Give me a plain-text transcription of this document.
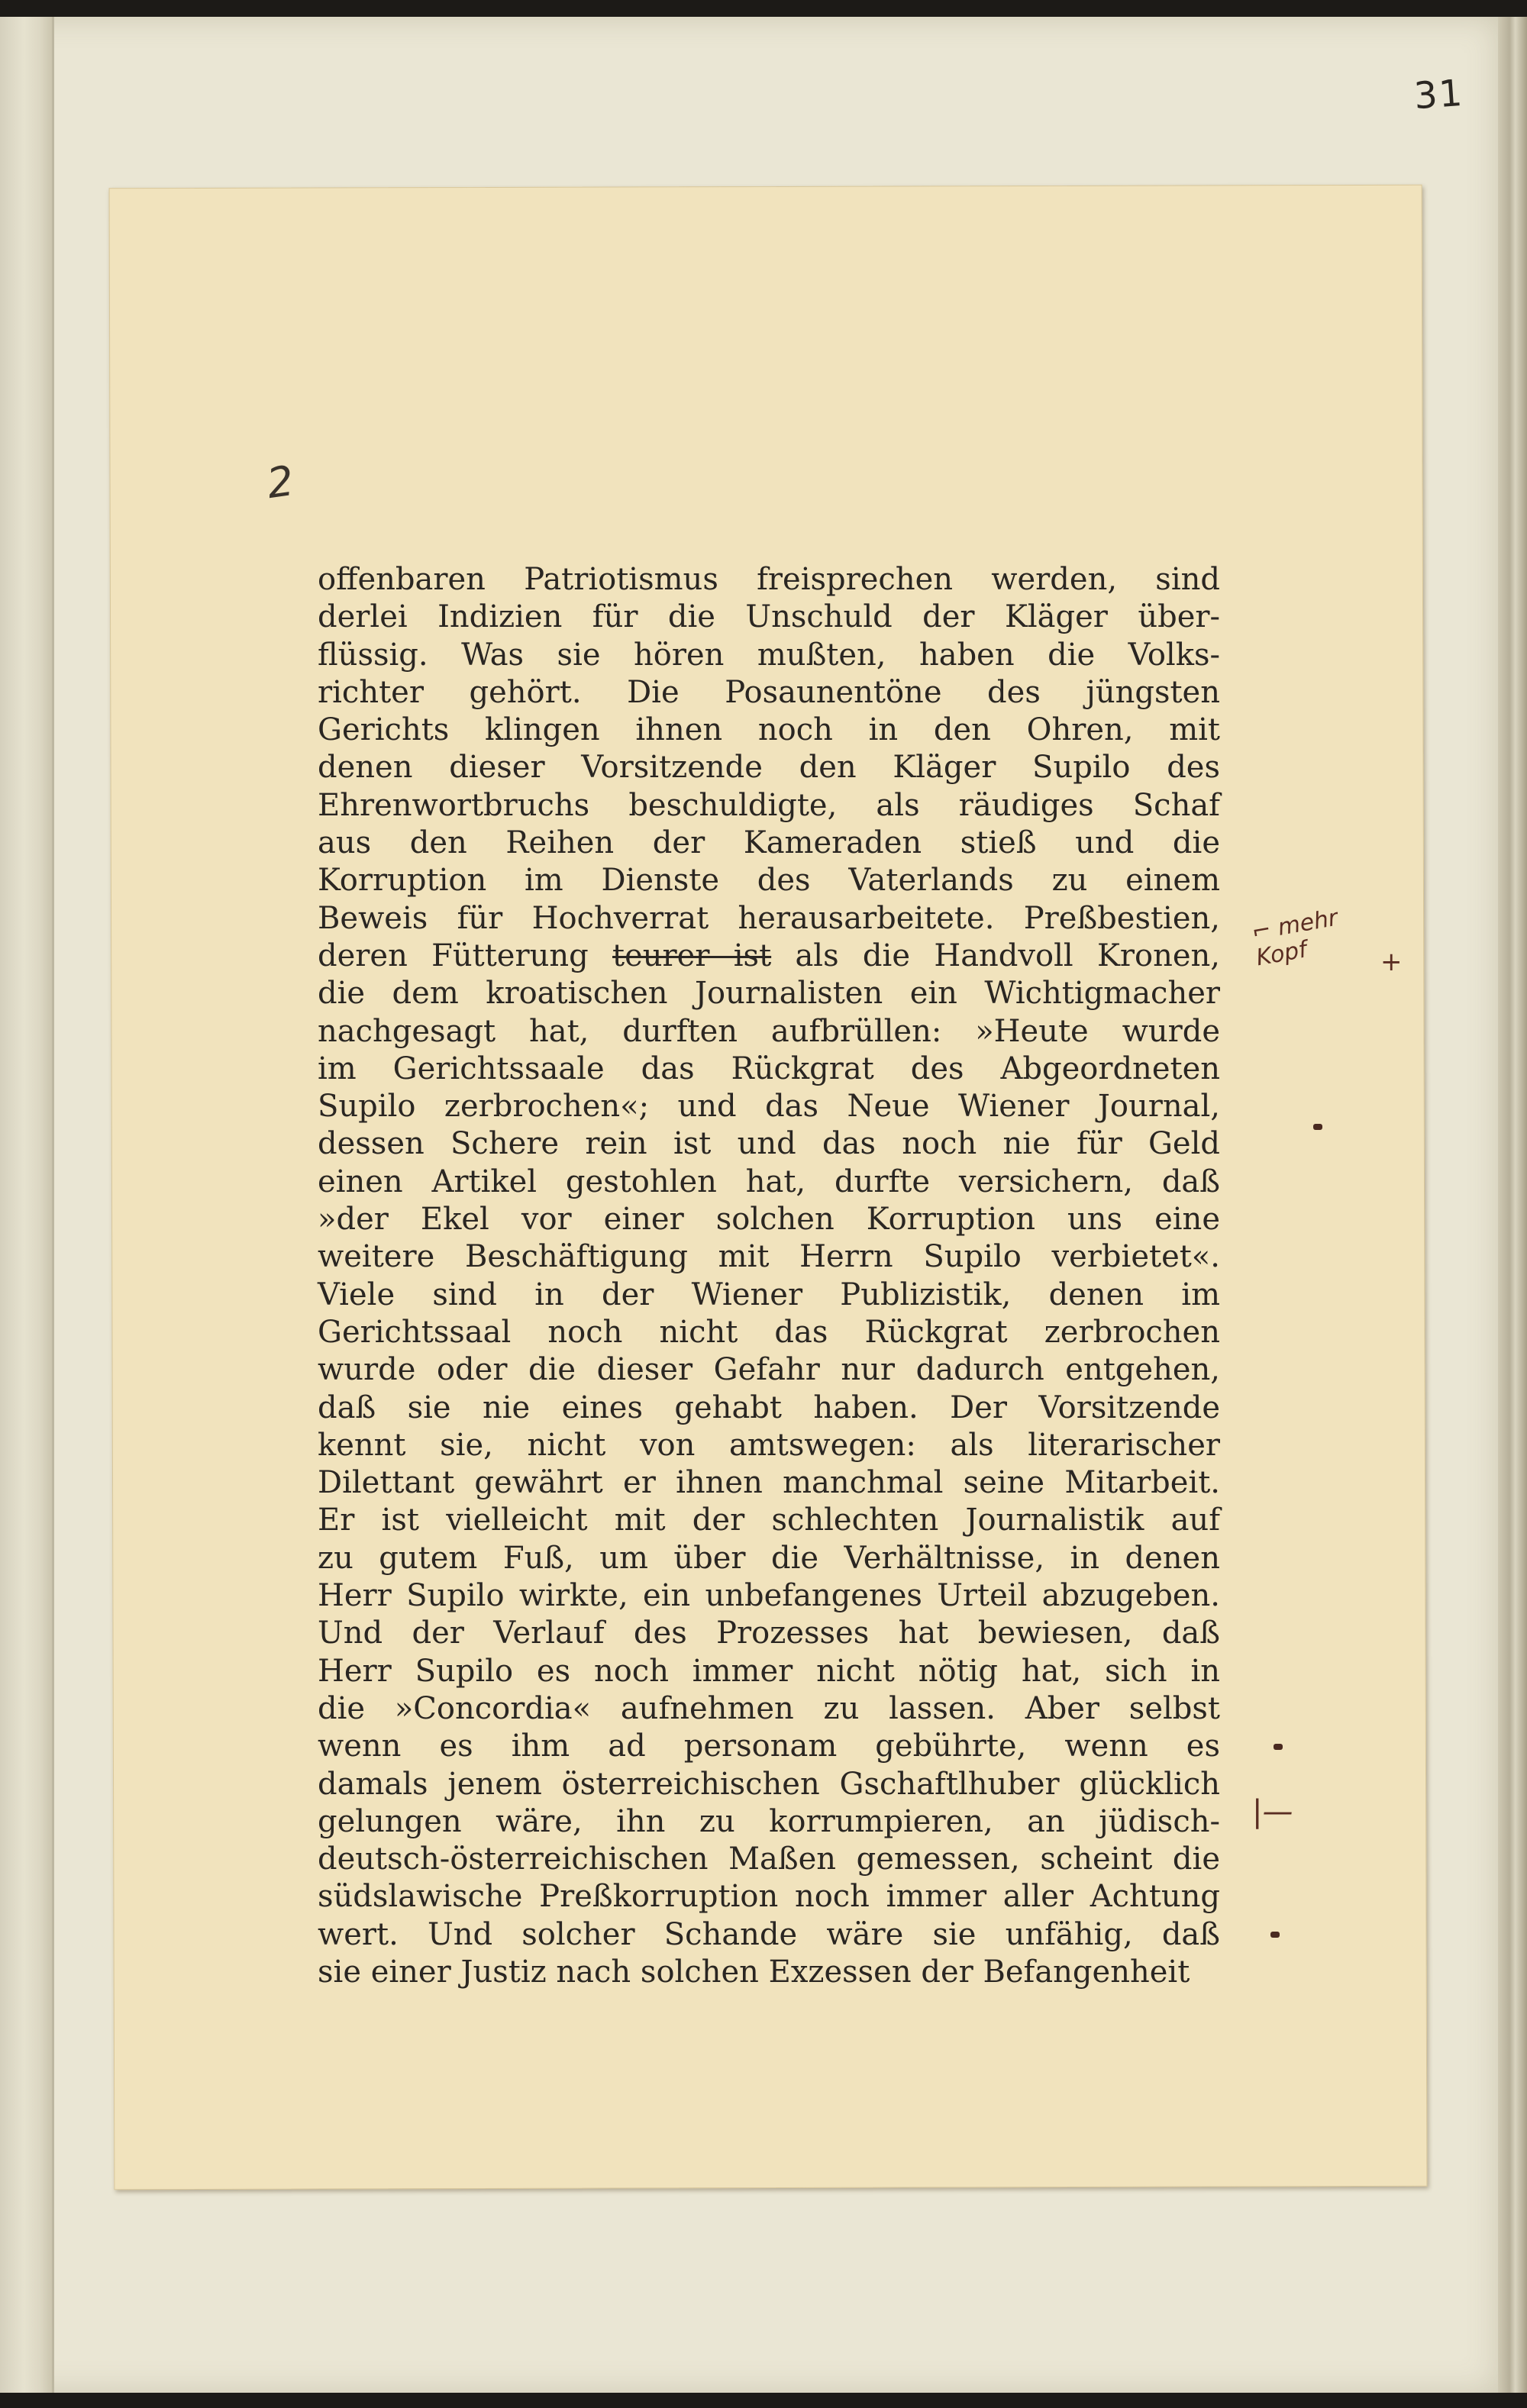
31
2
offenbaren Patriotismus freisprechen werden, sind
derlei Indizien für die Unschuld der Kläger über-
flüssig. Was sie hören mußten, haben die Volks-
richter gehört. Die Posaunentöne des jüngsten
Gerichts klingen ihnen noch in den Ohren, mit
denen dieser Vorsitzende den Kläger Supilo des
Ehrenwortbruchs beschuldigte, als räudiges Schaf
aus den Reihen der Kameraden stieß und die
Korruption im Dienste des Vaterlands zu einem
Beweis für Hochverrat herausarbeitete. Preßbestien,
deren Fütterung teurer ist als die Handvoll Kronen,
die dem kroatischen Journalisten ein Wichtigmacher
nachgesagt hat, durften aufbrüllen: »Heute wurde
im Gerichtssaale das Rückgrat des Abgeordneten
Supilo zerbrochen«; und das Neue Wiener Journal,
dessen Schere rein ist und das noch nie für Geld
einen Artikel gestohlen hat, durfte versichern, daß
»der Ekel vor einer solchen Korruption uns eine
weitere Beschäftigung mit Herrn Supilo verbietet«.
Viele sind in der Wiener Publizistik, denen im
Gerichtssaal noch nicht das Rückgrat zerbrochen
wurde oder die dieser Gefahr nur dadurch entgehen,
daß sie nie eines gehabt haben. Der Vorsitzende
kennt sie, nicht von amtswegen: als literarischer
Dilettant gewährt er ihnen manchmal seine Mitarbeit.
Er ist vielleicht mit der schlechten Journalistik auf
zu gutem Fuß, um über die Verhältnisse, in denen
Herr Supilo wirkte, ein unbefangenes Urteil abzugeben.
Und der Verlauf des Prozesses hat bewiesen, daß
Herr Supilo es noch immer nicht nötig hat, sich in
die »Concordia« aufnehmen zu lassen. Aber selbst
wenn es ihm ad personam gebührte, wenn es
damals jenem österreichischen Gschaftlhuber glücklich
gelungen wäre, ihn zu korrumpieren, an jüdisch-
deutsch-österreichischen Maßen gemessen, scheint die
südslawische Preßkorruption noch immer aller Achtung
wert. Und solcher Schande wäre sie unfähig, daß
sie einer Justiz nach solchen Exzessen der Befangenheit
⌐ mehr
Kopf	+
|—
